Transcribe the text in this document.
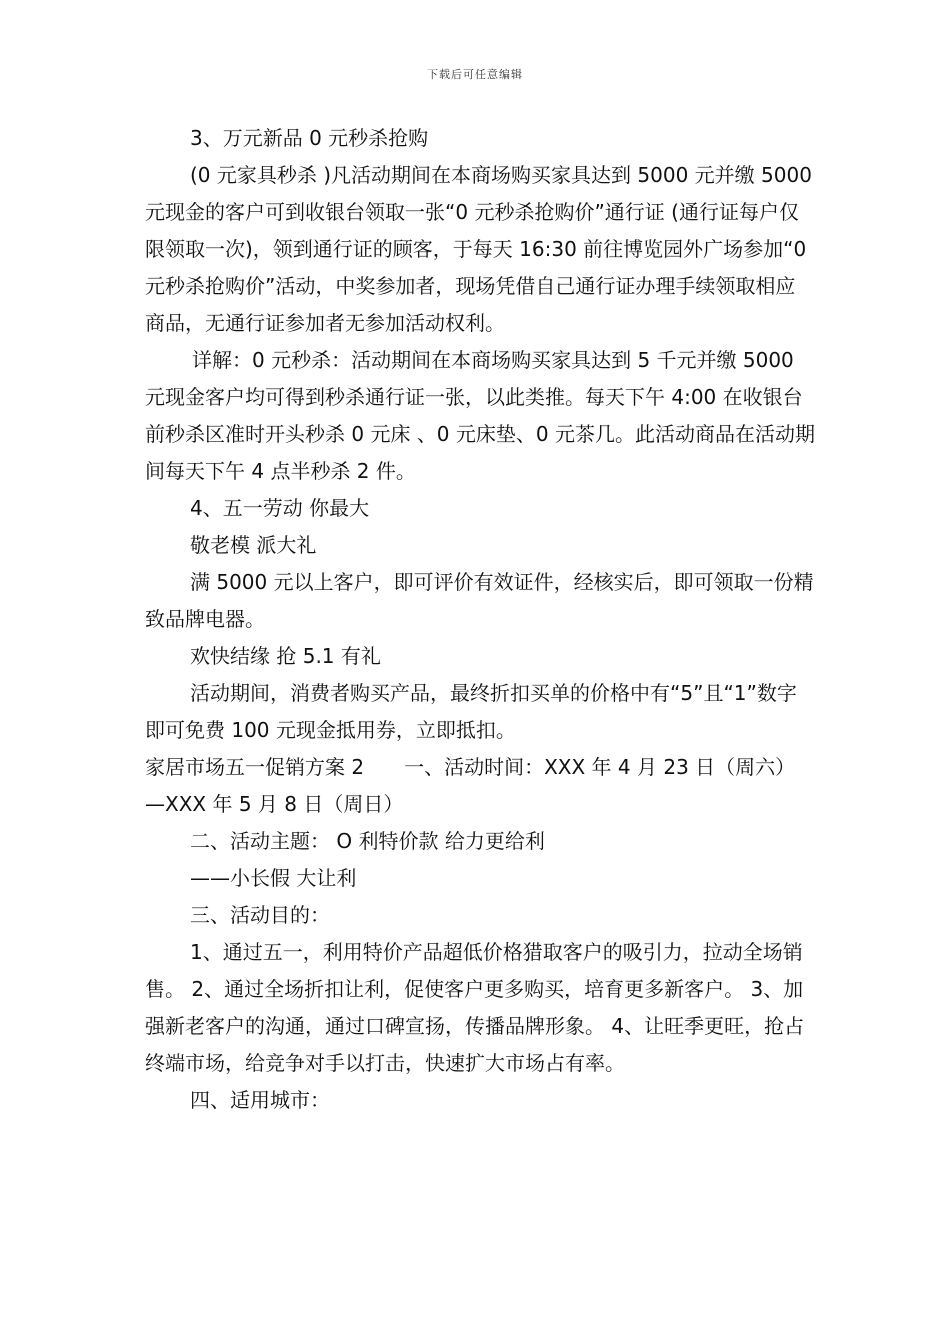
下载后可任意编辑

3、万元新品 0 元秒杀抢购

(0 元家具秒杀 )凡活动期间在本商场购买家具达到 5000 元并缴 5000 元现金的客户可到收银台领取一张“0 元秒杀抢购价”通行证 (通行证每户仅限领取一次)，领到通行证的顾客，于每天 16:30 前往博览园外广场参加“0 元秒杀抢购价”活动，中奖参加者，现场凭借自己通行证办理手续领取相应商品，无通行证参加者无参加活动权利。

详解：0 元秒杀：活动期间在本商场购买家具达到 5 千元并缴 5000 元现金客户均可得到秒杀通行证一张，以此类推。每天下午 4:00 在收银台前秒杀区准时开头秒杀 0 元床 、0 元床垫、0 元茶几。此活动商品在活动期间每天下午 4 点半秒杀 2 件。

4、五一劳动 你最大

敬老模 派大礼

满 5000 元以上客户，即可评价有效证件，经核实后，即可领取一份精致品牌电器。

欢快结缘 抢 5.1 有礼

活动期间，消费者购买产品，最终折扣买单的价格中有“5”且“1”数字即可免费 100 元现金抵用券，立即抵扣。

家居市场五一促销方案 2　　一、活动时间：XXX 年 4 月 23 日（周六）—XXX 年 5 月 8 日（周日）

二、活动主题： O 利特价款 给力更给利

——小长假 大让利

三、活动目的：

1、通过五一，利用特价产品超低价格猎取客户的吸引力，拉动全场销售。 2、通过全场折扣让利，促使客户更多购买，培育更多新客户。 3、加强新老客户的沟通，通过口碑宣扬，传播品牌形象。 4、让旺季更旺，抢占终端市场，给竞争对手以打击，快速扩大市场占有率。

四、适用城市：
